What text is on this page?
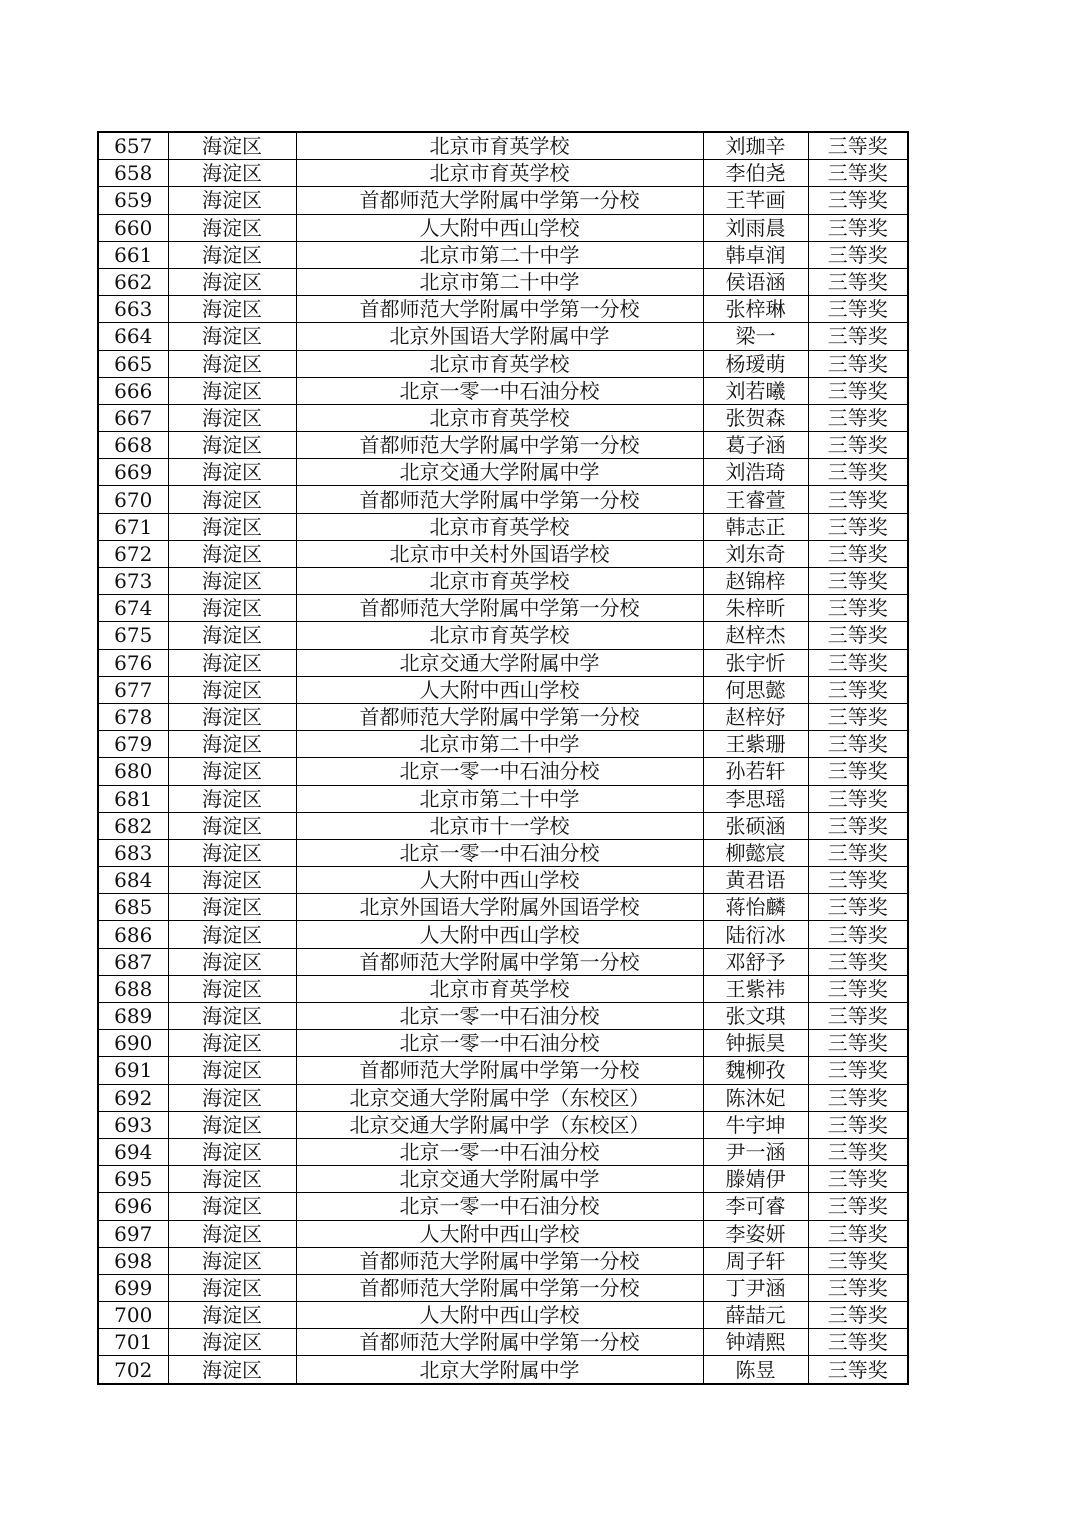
657	海淀区	北京市育英学校	刘珈辛	三等奖
658	海淀区	北京市育英学校	李伯尧	三等奖
659	海淀区	首都师范大学附属中学第一分校	王芊画	三等奖
660	海淀区	人大附中西山学校	刘雨晨	三等奖
661	海淀区	北京市第二十中学	韩卓润	三等奖
662	海淀区	北京市第二十中学	侯语涵	三等奖
663	海淀区	首都师范大学附属中学第一分校	张梓琳	三等奖
664	海淀区	北京外国语大学附属中学	梁一	三等奖
665	海淀区	北京市育英学校	杨瑷萌	三等奖
666	海淀区	北京一零一中石油分校	刘若曦	三等奖
667	海淀区	北京市育英学校	张贺森	三等奖
668	海淀区	首都师范大学附属中学第一分校	葛子涵	三等奖
669	海淀区	北京交通大学附属中学	刘浩琦	三等奖
670	海淀区	首都师范大学附属中学第一分校	王睿萱	三等奖
671	海淀区	北京市育英学校	韩志正	三等奖
672	海淀区	北京市中关村外国语学校	刘东奇	三等奖
673	海淀区	北京市育英学校	赵锦梓	三等奖
674	海淀区	首都师范大学附属中学第一分校	朱梓昕	三等奖
675	海淀区	北京市育英学校	赵梓杰	三等奖
676	海淀区	北京交通大学附属中学	张宇忻	三等奖
677	海淀区	人大附中西山学校	何思懿	三等奖
678	海淀区	首都师范大学附属中学第一分校	赵梓妤	三等奖
679	海淀区	北京市第二十中学	王紫珊	三等奖
680	海淀区	北京一零一中石油分校	孙若轩	三等奖
681	海淀区	北京市第二十中学	李思瑶	三等奖
682	海淀区	北京市十一学校	张硕涵	三等奖
683	海淀区	北京一零一中石油分校	柳懿宸	三等奖
684	海淀区	人大附中西山学校	黄君语	三等奖
685	海淀区	北京外国语大学附属外国语学校	蒋怡麟	三等奖
686	海淀区	人大附中西山学校	陆衍冰	三等奖
687	海淀区	首都师范大学附属中学第一分校	邓舒予	三等奖
688	海淀区	北京市育英学校	王紫祎	三等奖
689	海淀区	北京一零一中石油分校	张文琪	三等奖
690	海淀区	北京一零一中石油分校	钟振昊	三等奖
691	海淀区	首都师范大学附属中学第一分校	魏柳孜	三等奖
692	海淀区	北京交通大学附属中学（东校区）	陈沐妃	三等奖
693	海淀区	北京交通大学附属中学（东校区）	牛宇坤	三等奖
694	海淀区	北京一零一中石油分校	尹一涵	三等奖
695	海淀区	北京交通大学附属中学	滕婧伊	三等奖
696	海淀区	北京一零一中石油分校	李可睿	三等奖
697	海淀区	人大附中西山学校	李姿妍	三等奖
698	海淀区	首都师范大学附属中学第一分校	周子轩	三等奖
699	海淀区	首都师范大学附属中学第一分校	丁尹涵	三等奖
700	海淀区	人大附中西山学校	薛喆元	三等奖
701	海淀区	首都师范大学附属中学第一分校	钟靖熙	三等奖
702	海淀区	北京大学附属中学	陈昱	三等奖
